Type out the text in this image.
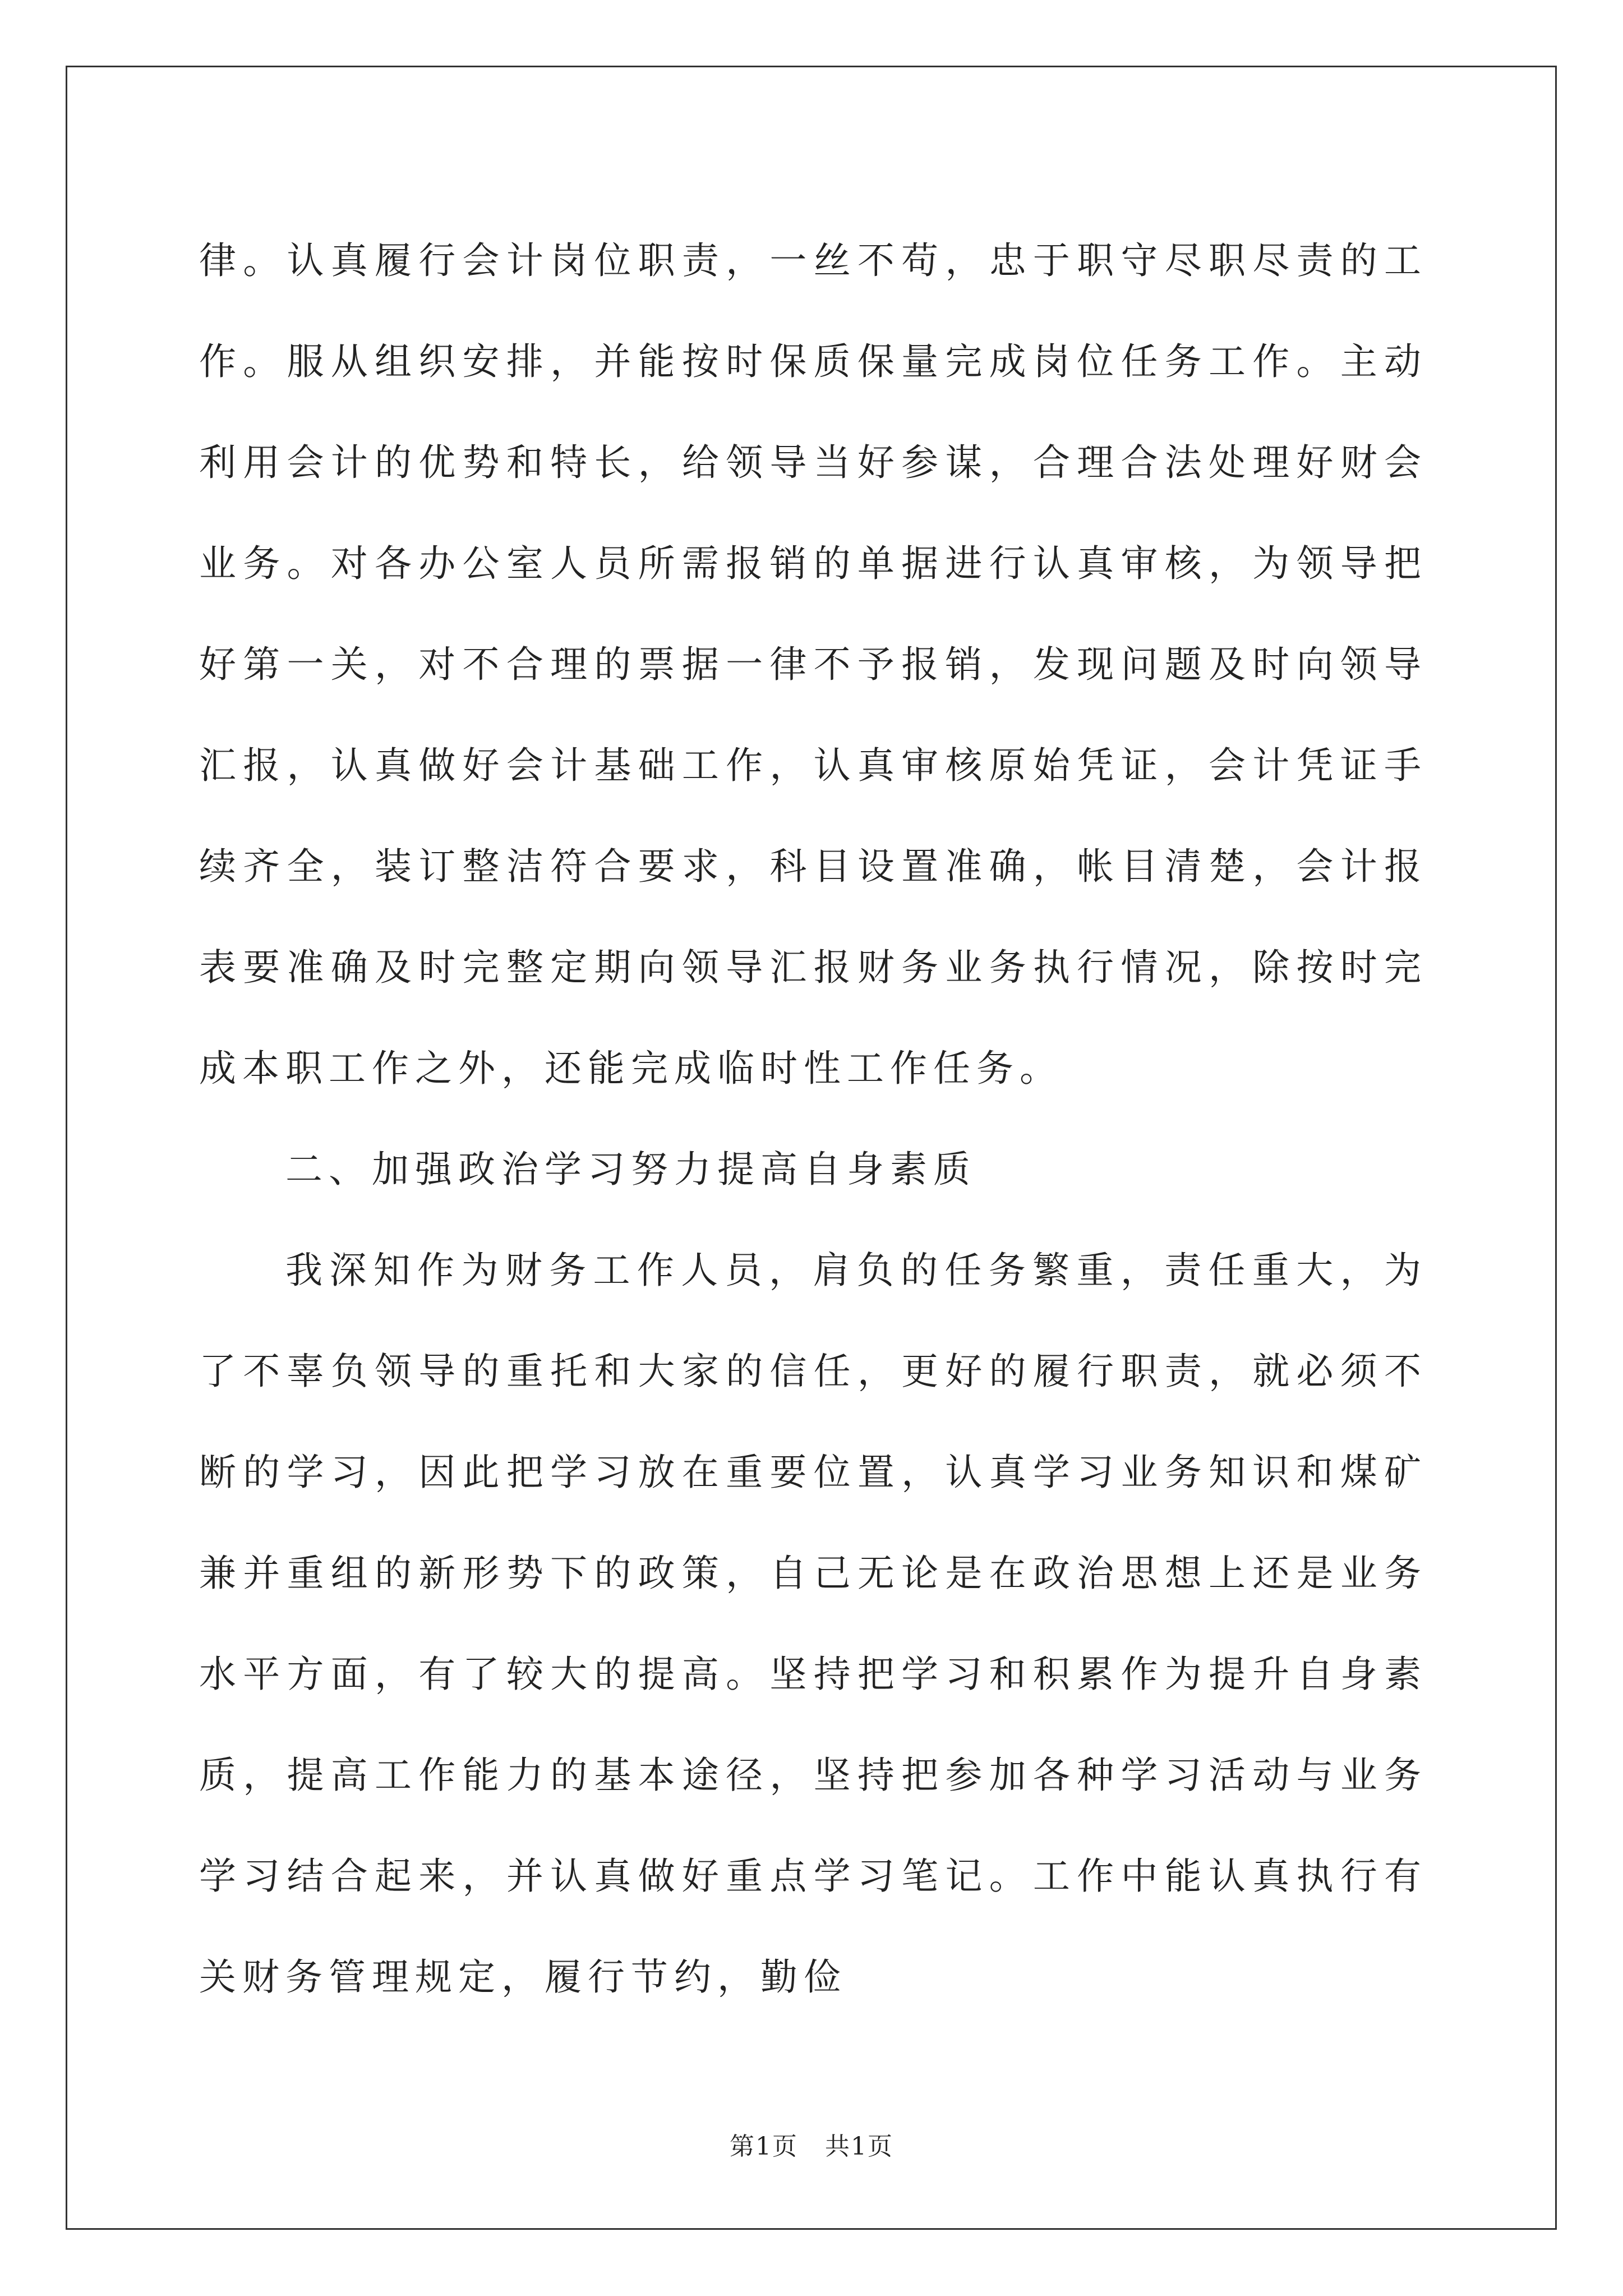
律。认真履行会计岗位职责，一丝不苟，忠于职守尽职尽责的工作。服从组织安排，并能按时保质保量完成岗位任务工作。主动利用会计的优势和特长，给领导当好参谋，合理合法处理好财会业务。对各办公室人员所需报销的单据进行认真审核，为领导把好第一关，对不合理的票据一律不予报销，发现问题及时向领导汇报，认真做好会计基础工作，认真审核原始凭证，会计凭证手续齐全，装订整洁符合要求，科目设置准确，帐目清楚，会计报表要准确及时完整定期向领导汇报财务业务执行情况，除按时完成本职工作之外，还能完成临时性工作任务。

二、加强政治学习努力提高自身素质

我深知作为财务工作人员，肩负的任务繁重，责任重大，为了不辜负领导的重托和大家的信任，更好的履行职责，就必须不断的学习，因此把学习放在重要位置，认真学习业务知识和煤矿兼并重组的新形势下的政策，自己无论是在政治思想上还是业务水平方面，有了较大的提高。坚持把学习和积累作为提升自身素质，提高工作能力的基本途径，坚持把参加各种学习活动与业务学习结合起来，并认真做好重点学习笔记。工作中能认真执行有关财务管理规定，履行节约，勤俭

第1页 共1页
